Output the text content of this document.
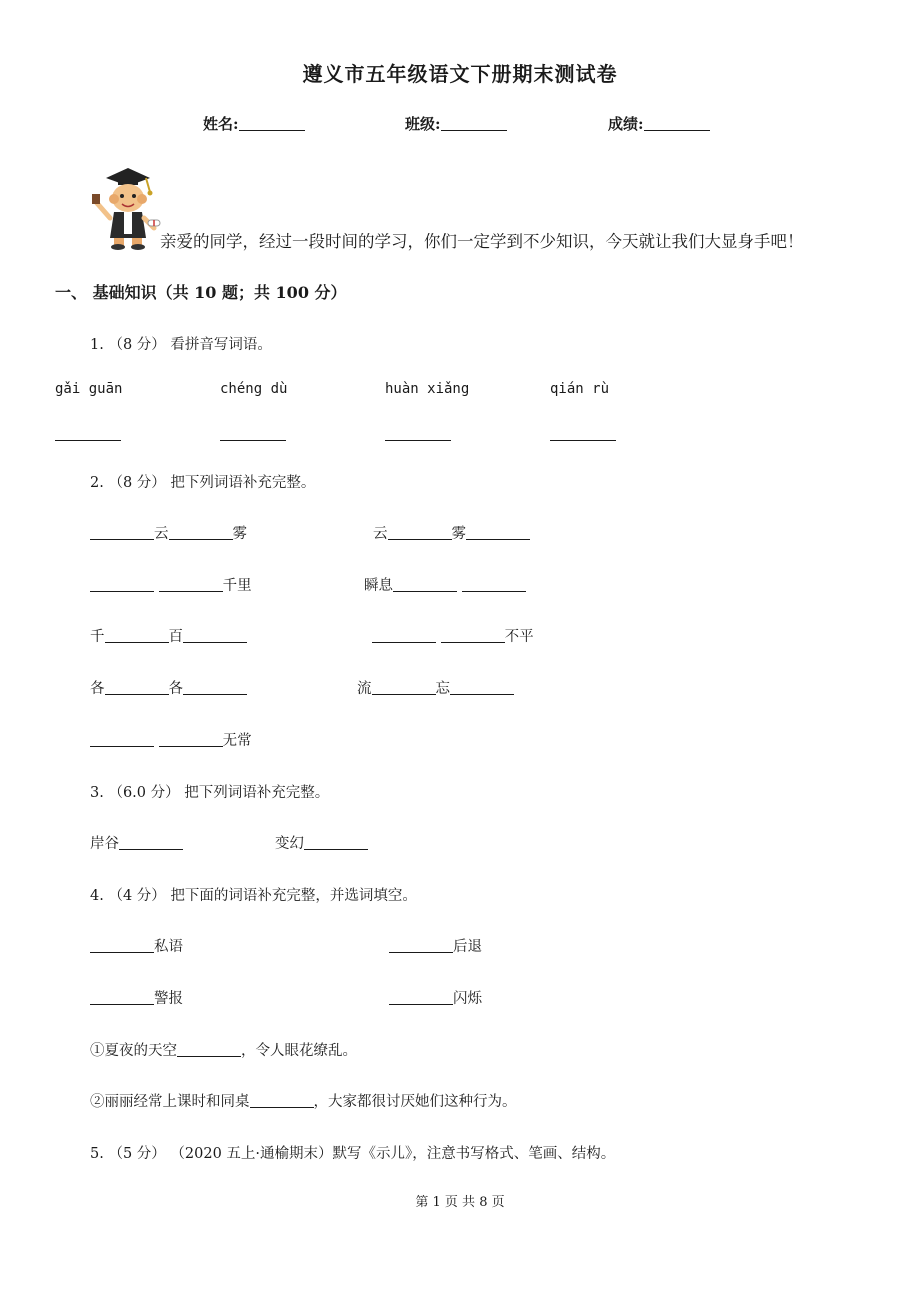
遵义市五年级语文下册期末测试卷
姓名:	班级:	成绩:
亲爱的同学，经过一段时间的学习，你们一定学到不少知识，今天就让我们大显身手吧！
一、 基础知识（共 10 题；共 100 分）
1. （8 分） 看拼音写词语。
gǎi guān	chéng dù	huàn xiǎng	qián rù
2. （8 分） 把下列词语补充完整。
云	雾	云	雾
千里	瞬息
千	百	不平
各	各	流	忘
无常
3. （6.0 分） 把下列词语补充完整。
岸谷	变幻
4. （4 分） 把下面的词语补充完整，并选词填空。
私语	后退
警报	闪烁
①夏夜的天空	，令人眼花缭乱。
②丽丽经常上课时和同桌	，大家都很讨厌她们这种行为。
5. （5 分） （2020 五上·通榆期末）默写《示儿》，注意书写格式、笔画、结构。
第 1 页 共 8 页
